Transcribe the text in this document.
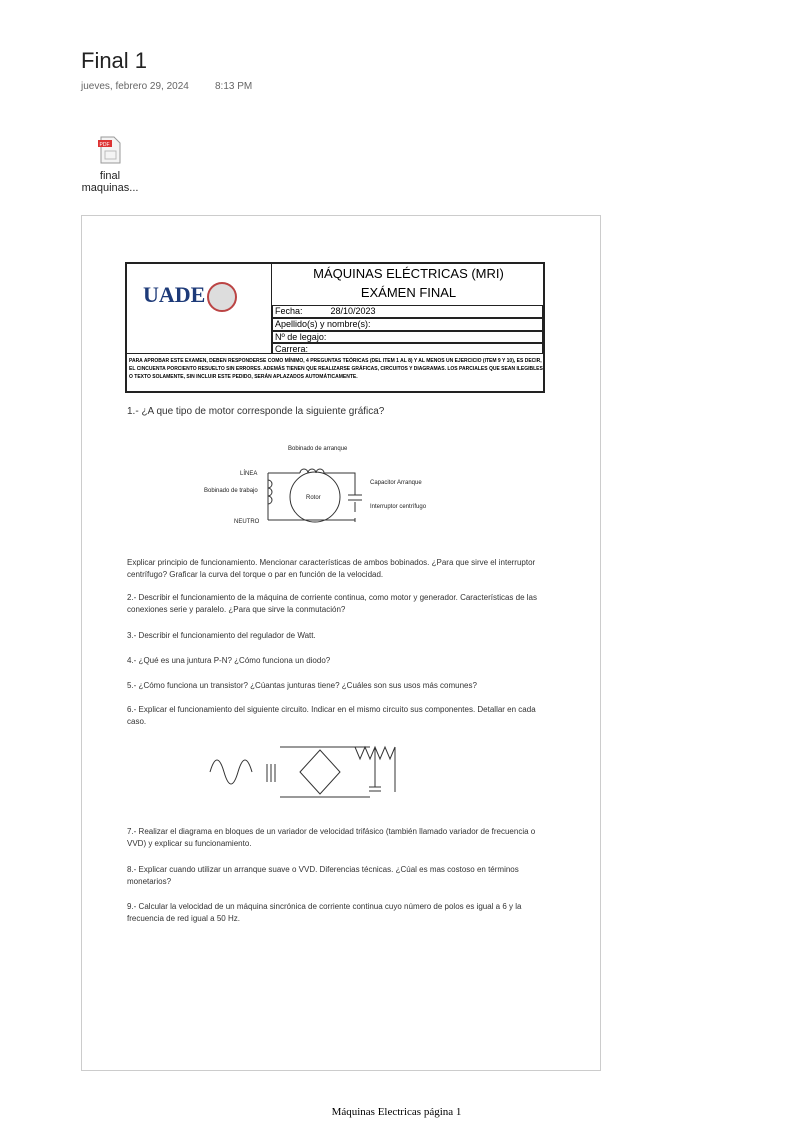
Final 1
jueves, febrero 29, 2024	8:13 PM
PDF
final maquinas...
UADE
MÁQUINAS ELÉCTRICAS (MRI)
EXÁMEN FINAL
Fecha:	28/10/2023
Apellido(s) y nombre(s):
Nº de legajo:
Carrera:
PARA APROBAR ESTE EXAMEN, DEBEN RESPONDERSE COMO MÍNIMO, 4 PREGUNTAS TEÓRICAS (DEL ITEM 1 AL 8) Y AL MENOS UN EJERCICIO (ITEM 9 Y 10), ES DECIR, EL CINCUENTA PORCIENTO RESUELTO SIN ERRORES. ADEMÁS TIENEN QUE REALIZARSE GRÁFICAS, CIRCUITOS Y DIAGRAMAS. LOS PARCIALES QUE SEAN ILEGIBLES O TEXTO SOLAMENTE, SIN INCLUIR ESTE PEDIDO, SERÁN APLAZADOS AUTOMÁTICAMENTE.
1.- ¿A que tipo de motor corresponde la siguiente gráfica?
Bobinado de arranque
LÍNEA
Bobinado de trabajo
NEUTRO
Rotor
Capacitor Arranque
Interruptor centrífugo
Explicar principio de funcionamiento. Mencionar características de ambos bobinados. ¿Para que sirve el interruptor centrífugo? Graficar la curva del torque o par en función de la velocidad.
2.- Describir el funcionamiento de la máquina de corriente continua, como motor y generador. Características de las conexiones serie y paralelo. ¿Para que sirve la conmutación?
3.- Describir el funcionamiento del regulador de Watt.
4.- ¿Qué es una juntura P-N? ¿Cómo funciona un diodo?
5.- ¿Cómo funciona un transistor? ¿Cúantas junturas tiene? ¿Cuáles son sus usos más comunes?
6.- Explicar el funcionamiento del siguiente circuito. Indicar en el mismo circuito sus componentes. Detallar en cada caso.
7.- Realizar el diagrama en bloques de un variador de velocidad trifásico (también llamado variador de frecuencia o VVD) y explicar su funcionamiento.
8.- Explicar cuando utilizar un arranque suave o VVD. Diferencias técnicas. ¿Cúal es mas costoso en términos monetarios?
9.- Calcular la velocidad de un máquina sincrónica de corriente continua cuyo número de polos es igual a 6 y la frecuencia de red igual a 50 Hz.
Máquinas Electricas página 1
